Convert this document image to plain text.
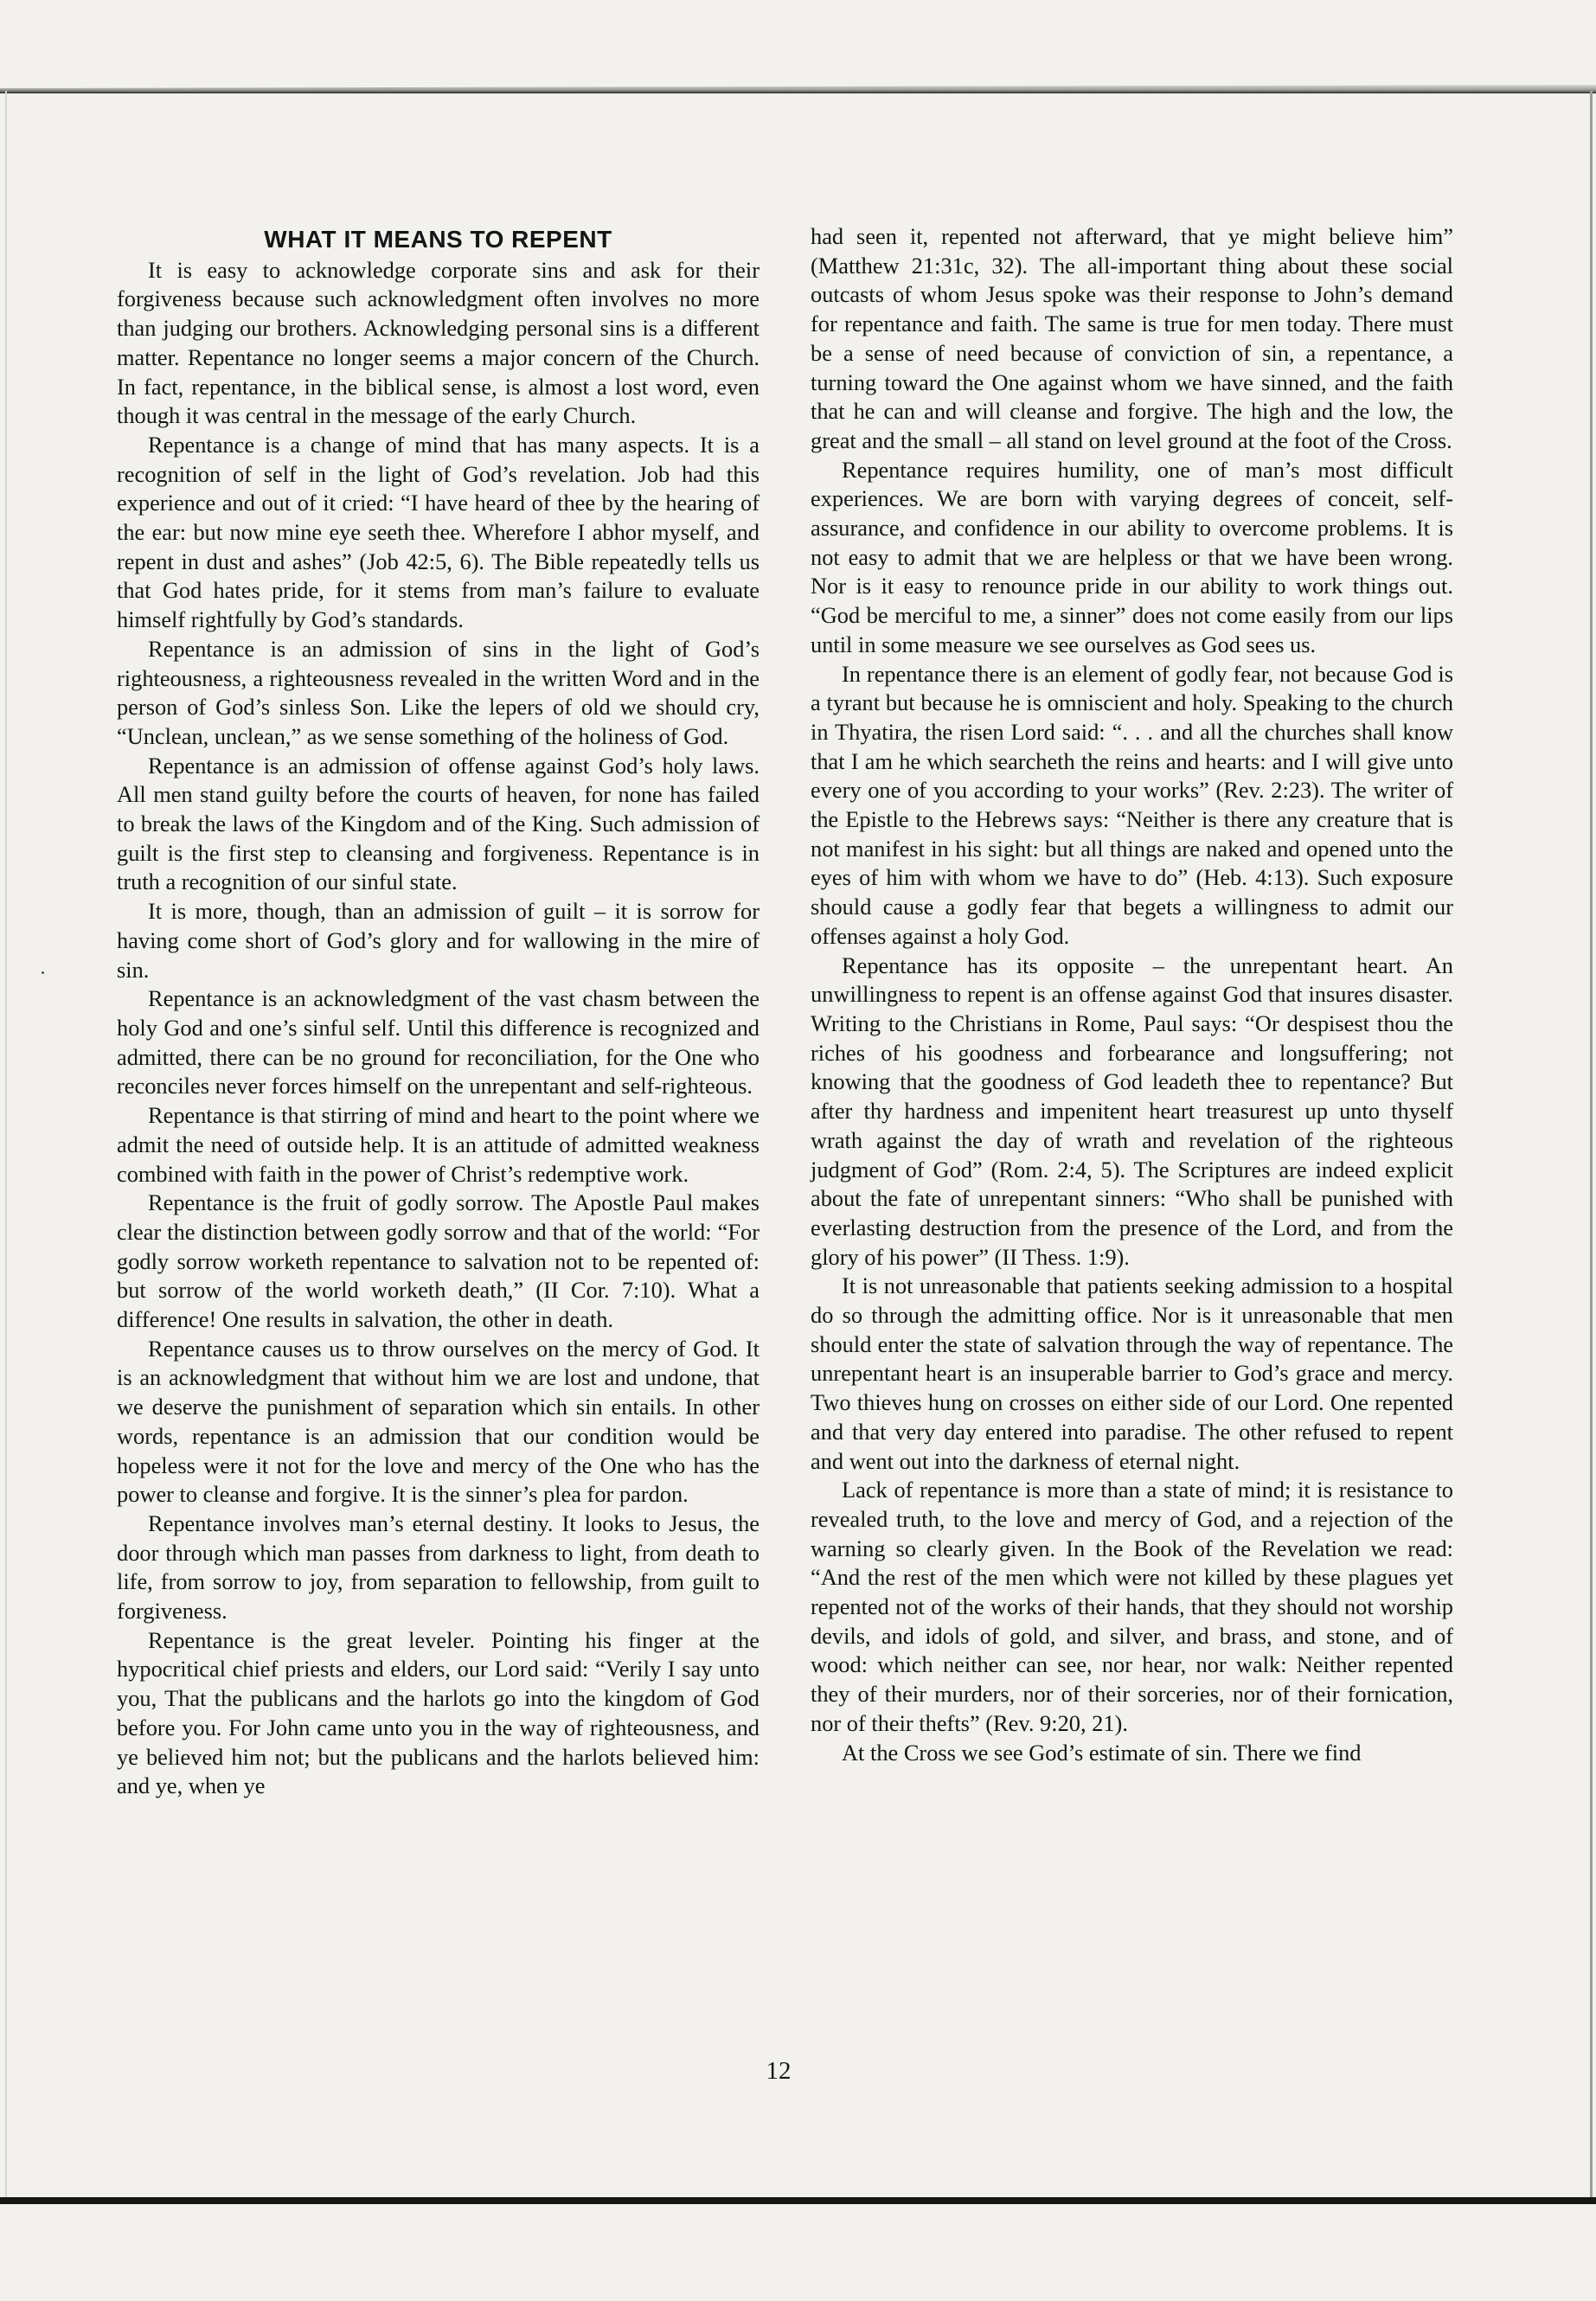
WHAT IT MEANS TO REPENT

It is easy to acknowledge corporate sins and ask for their forgiveness because such acknowledgment often involves no more than judging our brothers. Acknowledging personal sins is a different matter. Repentance no longer seems a major concern of the Church. In fact, repentance, in the biblical sense, is almost a lost word, even though it was central in the message of the early Church.

Repentance is a change of mind that has many aspects. It is a recognition of self in the light of God’s revelation. Job had this experience and out of it cried: “I have heard of thee by the hearing of the ear: but now mine eye seeth thee. Wherefore I abhor myself, and repent in dust and ashes” (Job 42:5, 6). The Bible repeatedly tells us that God hates pride, for it stems from man’s failure to evaluate himself rightfully by God’s standards.

Repentance is an admission of sins in the light of God’s righteousness, a righteousness revealed in the written Word and in the person of God’s sinless Son. Like the lepers of old we should cry, “Unclean, unclean,” as we sense something of the holiness of God.

Repentance is an admission of offense against God’s holy laws. All men stand guilty before the courts of heaven, for none has failed to break the laws of the Kingdom and of the King. Such admission of guilt is the first step to cleansing and forgiveness. Repentance is in truth a recognition of our sinful state.

It is more, though, than an admission of guilt – it is sorrow for having come short of God’s glory and for wallowing in the mire of sin.

Repentance is an acknowledgment of the vast chasm between the holy God and one’s sinful self. Until this difference is recognized and admitted, there can be no ground for reconciliation, for the One who reconciles never forces himself on the unrepentant and self-righteous.

Repentance is that stirring of mind and heart to the point where we admit the need of outside help. It is an attitude of admitted weakness combined with faith in the power of Christ’s redemptive work.

Repentance is the fruit of godly sorrow. The Apostle Paul makes clear the distinction between godly sorrow and that of the world: “For godly sorrow worketh repentance to salvation not to be repented of: but sorrow of the world worketh death,” (II Cor. 7:10). What a difference! One results in salvation, the other in death.

Repentance causes us to throw ourselves on the mercy of God. It is an acknowledgment that without him we are lost and undone, that we deserve the punishment of separation which sin entails. In other words, repentance is an admission that our condition would be hopeless were it not for the love and mercy of the One who has the power to cleanse and forgive. It is the sinner’s plea for pardon.

Repentance involves man’s eternal destiny. It looks to Jesus, the door through which man passes from darkness to light, from death to life, from sorrow to joy, from separation to fellowship, from guilt to forgiveness.

Repentance is the great leveler. Pointing his finger at the hypocritical chief priests and elders, our Lord said: “Verily I say unto you, That the publicans and the harlots go into the kingdom of God before you. For John came unto you in the way of righteousness, and ye believed him not; but the publicans and the harlots believed him: and ye, when ye

had seen it, repented not afterward, that ye might believe him” (Matthew 21:31c, 32). The all-important thing about these social outcasts of whom Jesus spoke was their response to John’s demand for repentance and faith. The same is true for men today. There must be a sense of need because of conviction of sin, a repentance, a turning toward the One against whom we have sinned, and the faith that he can and will cleanse and forgive. The high and the low, the great and the small – all stand on level ground at the foot of the Cross.

Repentance requires humility, one of man’s most difficult experiences. We are born with varying degrees of conceit, self-assurance, and confidence in our ability to overcome problems. It is not easy to admit that we are helpless or that we have been wrong. Nor is it easy to renounce pride in our ability to work things out. “God be merciful to me, a sinner” does not come easily from our lips until in some measure we see ourselves as God sees us.

In repentance there is an element of godly fear, not because God is a tyrant but because he is omniscient and holy. Speaking to the church in Thyatira, the risen Lord said: “. . . and all the churches shall know that I am he which searcheth the reins and hearts: and I will give unto every one of you according to your works” (Rev. 2:23). The writer of the Epistle to the Hebrews says: “Neither is there any creature that is not manifest in his sight: but all things are naked and opened unto the eyes of him with whom we have to do” (Heb. 4:13). Such exposure should cause a godly fear that begets a willingness to admit our offenses against a holy God.

Repentance has its opposite – the unrepentant heart. An unwillingness to repent is an offense against God that insures disaster. Writing to the Christians in Rome, Paul says: “Or despisest thou the riches of his goodness and forbearance and longsuffering; not knowing that the goodness of God leadeth thee to repentance? But after thy hardness and impenitent heart treasurest up unto thyself wrath against the day of wrath and revelation of the righteous judgment of God” (Rom. 2:4, 5). The Scriptures are indeed explicit about the fate of unrepentant sinners: “Who shall be punished with everlasting destruction from the presence of the Lord, and from the glory of his power” (II Thess. 1:9).

It is not unreasonable that patients seeking admission to a hospital do so through the admitting office. Nor is it unreasonable that men should enter the state of salvation through the way of repentance. The unrepentant heart is an insuperable barrier to God’s grace and mercy. Two thieves hung on crosses on either side of our Lord. One repented and that very day entered into paradise. The other refused to repent and went out into the darkness of eternal night.

Lack of repentance is more than a state of mind; it is resistance to revealed truth, to the love and mercy of God, and a rejection of the warning so clearly given. In the Book of the Revelation we read: “And the rest of the men which were not killed by these plagues yet repented not of the works of their hands, that they should not worship devils, and idols of gold, and silver, and brass, and stone, and of wood: which neither can see, nor hear, nor walk: Neither repented they of their murders, nor of their sorceries, nor of their fornication, nor of their thefts” (Rev. 9:20, 21).

At the Cross we see God’s estimate of sin. There we find

12
